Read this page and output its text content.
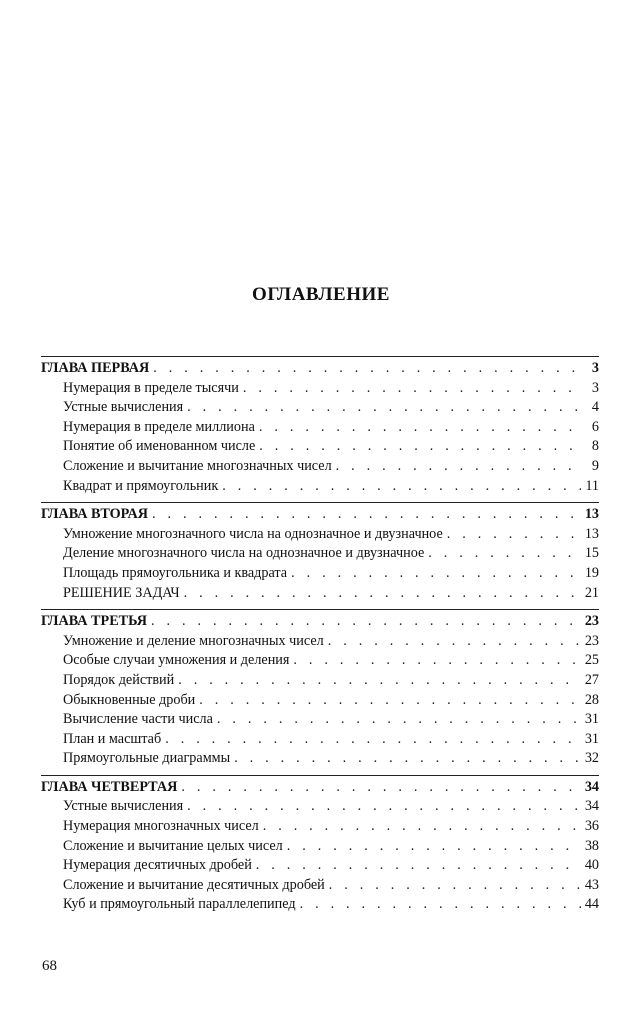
ОГЛАВЛЕНИЕ
ГЛАВА ПЕРВАЯ . . .	3
Нумерация в пределе тысячи . . .	3
Устные вычисления . . .	4
Нумерация в пределе миллиона . . .	6
Понятие об именованном числе . . .	8
Сложение и вычитание многозначных чисел . . .	9
Квадрат и прямоугольник . . .	11
ГЛАВА ВТОРАЯ . . .	13
Умножение многозначного числа на однозначное и двузначное . . .	13
Деление многозначного числа на однозначное и двузначное . . .	15
Площадь прямоугольника и квадрата . . .	19
РЕШЕНИЕ ЗАДАЧ . . .	21
ГЛАВА ТРЕТЬЯ . . .	23
Умножение и деление многозначных чисел . . .	23
Особые случаи умножения и деления . . .	25
Порядок действий . . .	27
Обыкновенные дроби . . .	28
Вычисление части числа . . .	31
План и масштаб . . .	31
Прямоугольные диаграммы . . .	32
ГЛАВА ЧЕТВЕРТАЯ . . .	34
Устные вычисления . . .	34
Нумерация многозначных чисел . . .	36
Сложение и вычитание целых чисел . . .	38
Нумерация десятичных дробей . . .	40
Сложение и вычитание десятичных дробей . . .	43
Куб и прямоугольный параллелепипед . . .	44
68
